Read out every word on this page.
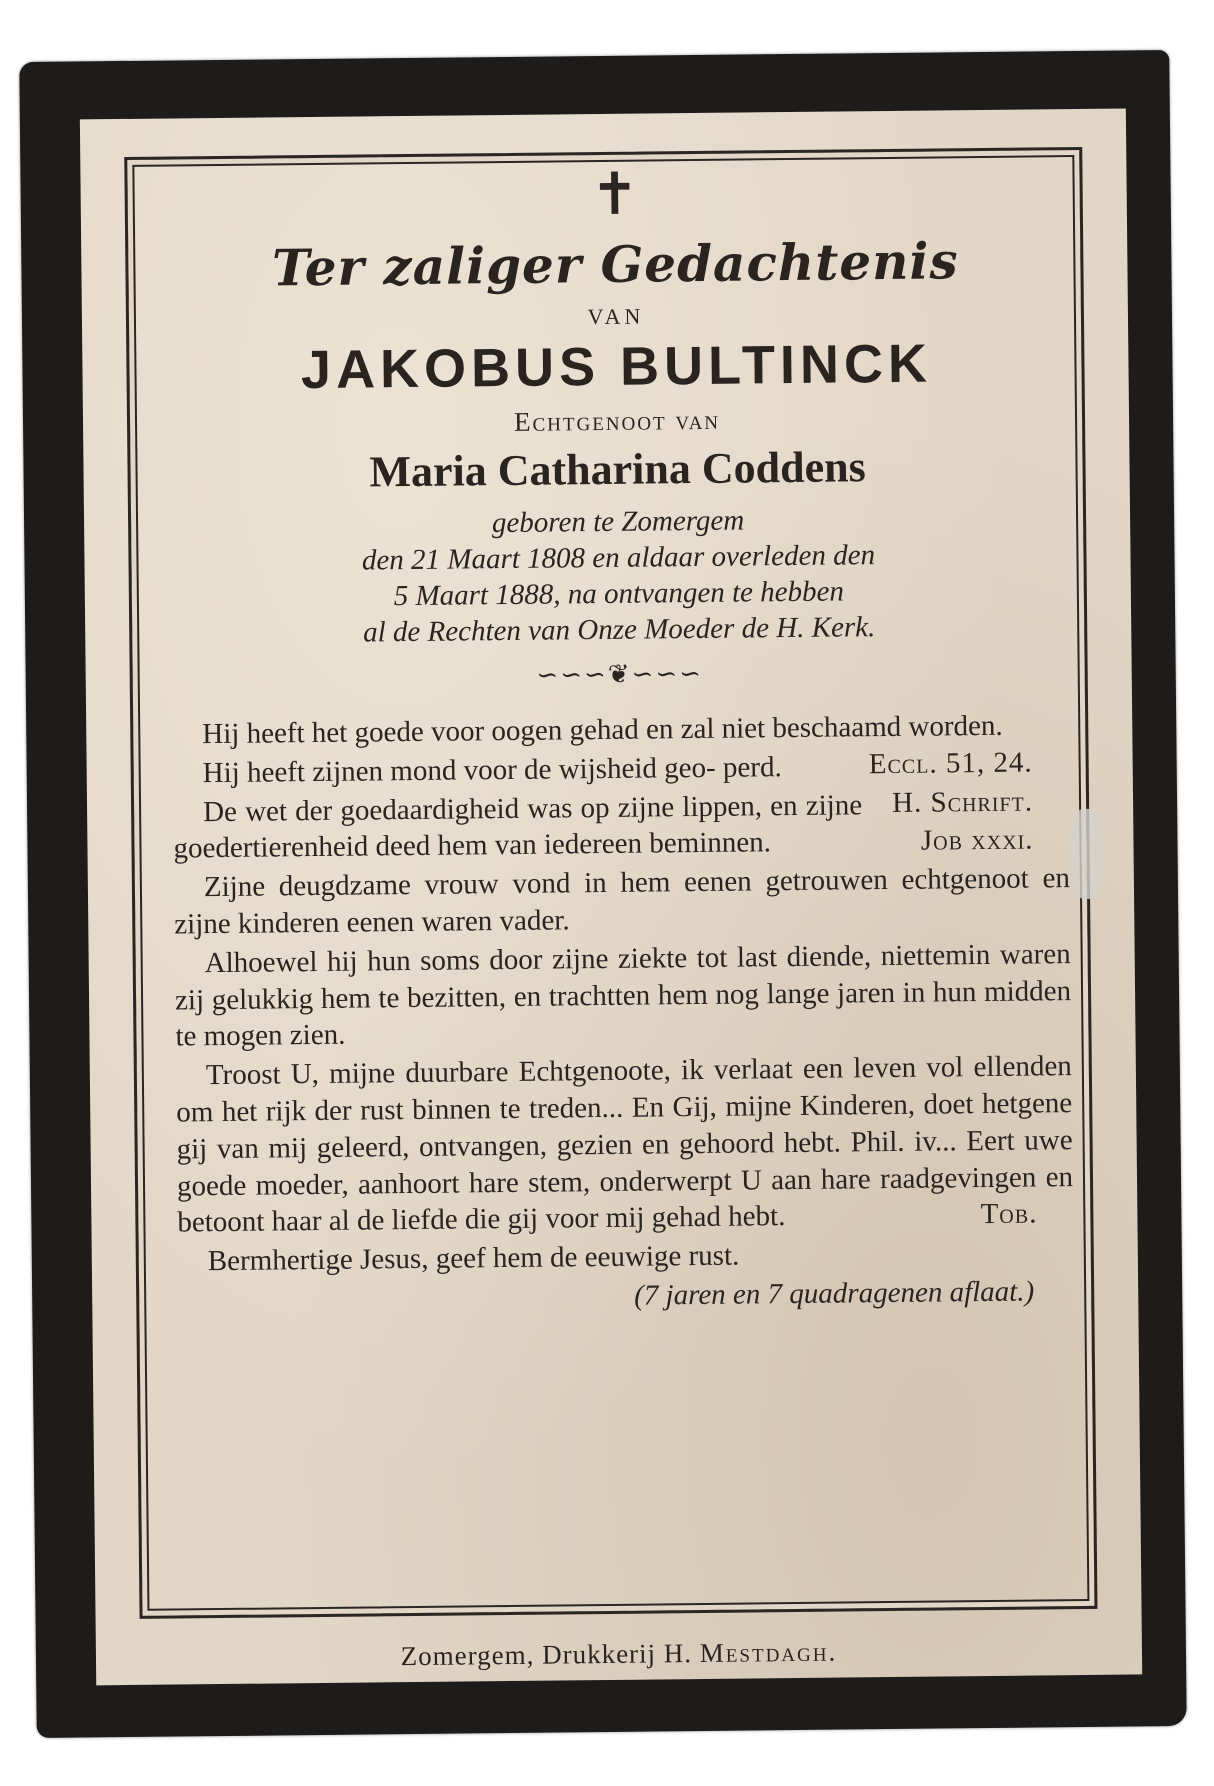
✝
Ter zaliger Gedachtenis
VAN
JAKOBUS BULTINCK
Echtgenoot van
Maria Catharina Coddens
geboren te Zomergem
den 21 Maart 1808 en aldaar overleden den
5 Maart 1888, na ontvangen te hebben
al de Rechten van Onze Moeder de H. Kerk.
∽∽∽❦∽∽∽

Hij heeft het goede voor oogen gehad en zal niet beschaamd worden.
Eccl. 51, 24.

Hij heeft zijnen mond voor de wijsheid geo- perd.
H. Schrift.

De wet der goedaardigheid was op zijne lippen, en zijne goedertierenheid deed hem van iedereen beminnen.	Job xxxi.

Zijne deugdzame vrouw vond in hem eenen getrouwen echtgenoot en zijne kinderen eenen waren vader.

Alhoewel hij hun soms door zijne ziekte tot last diende, niettemin waren zij gelukkig hem te bezitten, en trachtten hem nog lange jaren in hun midden te mogen zien.

Troost U, mijne duurbare Echtgenoote, ik verlaat een leven vol ellenden om het rijk der rust binnen te treden... En Gij, mijne Kinderen, doet hetgene gij van mij geleerd, ontvangen, gezien en gehoord hebt. Phil. iv... Eert uwe goede moeder, aanhoort hare stem, onderwerpt U aan hare raadgevingen en betoont haar al de liefde die gij voor mij gehad hebt.	Tob.

Bermhertige Jesus, geef hem de eeuwige rust.

(7 jaren en 7 quadragenen aflaat.)
Zomergem, Drukkerij H. Mestdagh.
